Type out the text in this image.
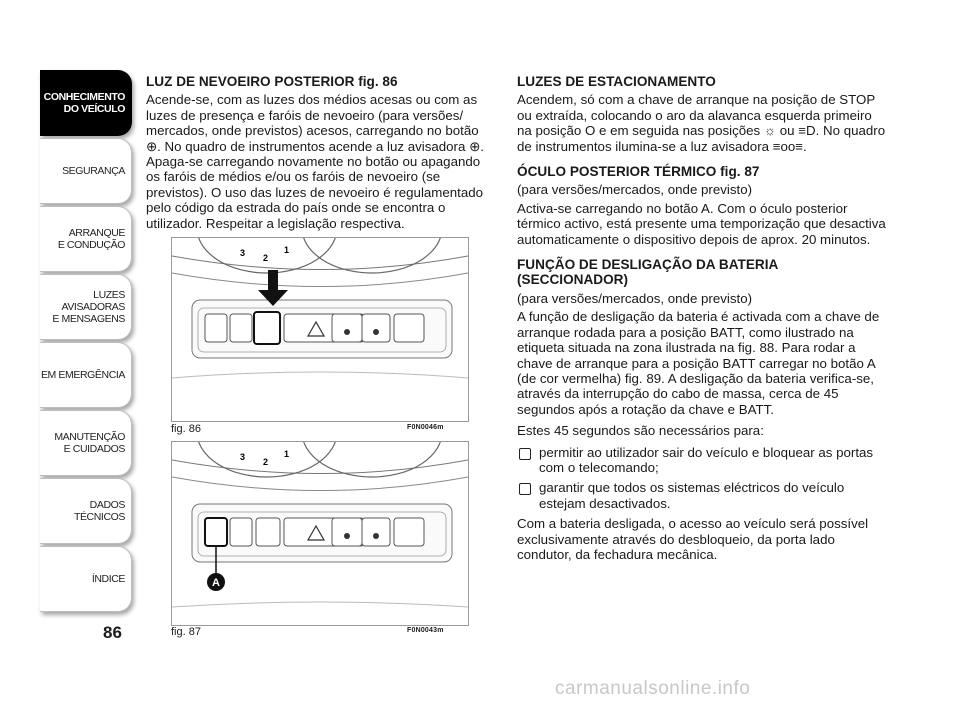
CONHECIMENTO
DO VEÍCULO
SEGURANÇA
ARRANQUE
E CONDUÇÃO
LUZES
AVISADORAS
E MENSAGENS
EM EMERGÊNCIA
MANUTENÇÃO
E CUIDADOS
DADOS
TÉCNICOS
ÍNDICE
86
LUZ DE NEVOEIRO POSTERIOR fig. 86

Acende-se, com as luzes dos médios acesas ou com as luzes de presença e faróis de nevoeiro (para versões/ mercados, onde previstos) acesos, carregando no botão ⊕. No quadro de instrumentos acende a luz avisadora ⊕. Apaga-se carregando novamente no botão ou apagando os faróis de médios e/ou os faróis de nevoeiro (se previstos). O uso das luzes de nevoeiro é regulamentado pelo código da estrada do país onde se encontra o utilizador. Respeitar a legislação respectiva.

3 2
1
fig. 86	F0N0046m
3 2
1
A
fig. 87	F0N0043m
LUZES DE ESTACIONAMENTO

Acendem, só com a chave de arranque na posição de STOP ou extraída, colocando o aro da alavanca esquerda primeiro na posição O e em seguida nas posições ☼ ou ≡D. No quadro de instrumentos ilumina-se a luz avisadora ≡oo≡.

ÓCULO POSTERIOR TÉRMICO fig. 87

(para versões/mercados, onde previsto)

Activa-se carregando no botão A. Com o óculo posterior térmico activo, está presente uma temporização que desactiva automaticamente o dispositivo depois de aprox. 20 minutos.

FUNÇÃO DE DESLIGAÇÃO DA BATERIA (SECCIONADOR)

(para versões/mercados, onde previsto)

A função de desligação da bateria é activada com a chave de arranque rodada para a posição BATT, como ilustrado na etiqueta situada na zona ilustrada na fig. 88. Para rodar a chave de arranque para a posição BATT carregar no botão A (de cor vermelha) fig. 89. A desligação da bateria verifica-se, através da interrupção do cabo de massa, cerca de 45 segundos após a rotação da chave e BATT.

Estes 45 segundos são necessários para:

permitir ao utilizador sair do veículo e bloquear as portas com o telecomando;
garantir que todos os sistemas eléctricos do veículo estejam desactivados.

Com a bateria desligada, o acesso ao veículo será possível exclusivamente através do desbloqueio, da porta lado condutor, da fechadura mecânica.

carmanualsonline.info
